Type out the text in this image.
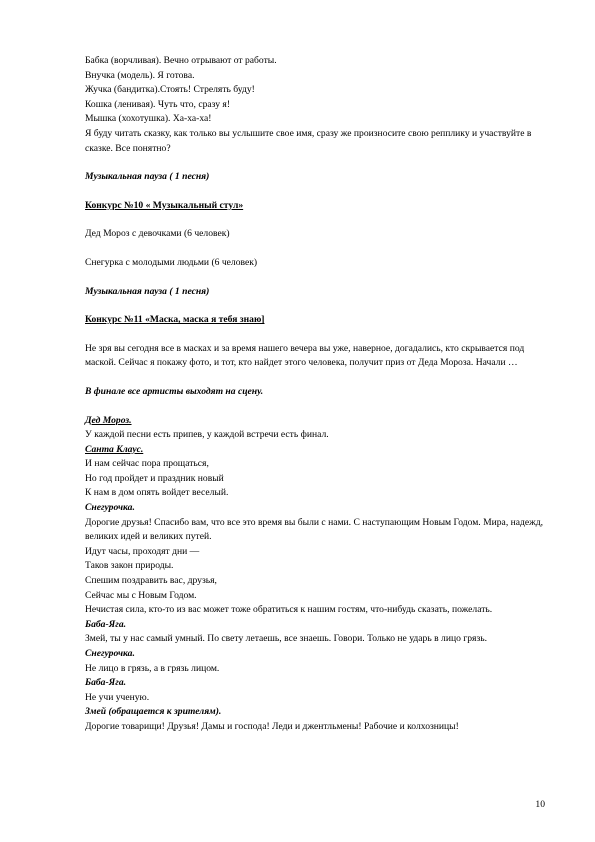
Бабка (ворчливая). Вечно отрывают от работы.

Внучка (модель). Я готова.

Жучка (бандитка).Стоять! Стрелять буду!

Кошка (ленивая). Чуть что, сразу я!

Мышка (хохотушка). Ха-ха-ха!

Я буду читать сказку, как только вы услышите свое имя, сразу же произносите свою репплику и участвуйте в сказке. Все понятно?

Музыкальная пауза ( 1 песня)

Конкурс №10 « Музыкальный стул»

Дед Мороз с девочками (6 человек)

Снегурка с молодыми людьми (6 человек)

Музыкальная пауза ( 1 песня)

Конкурс №11 «Маска, маска я тебя знаю]

Не зря вы сегодня все в масках и за время нашего вечера вы уже, наверное, догадались, кто скрывается под маской. Сейчас я покажу фото, и тот, кто найдет этого человека, получит приз от Деда Мороза. Начали …

В финале все артисты выходят на сцену.

Дед Мороз.

У каждой песни есть припев, у каждой встречи есть финал.

Санта Клаус.

И нам сейчас пора прощаться,

Но год пройдет и праздник новый

К нам в дом опять войдет веселый.

Снегурочка.

Дорогие друзья! Спасибо вам, что все это время вы были с нами. С наступающим Новым Годом. Мира, надежд, великих идей и великих путей.

Идут часы, проходят дни —

Таков закон природы.

Спешим поздравить вас, друзья,

Сейчас мы с Новым Годом.

Нечистая сила, кто-то из вас может тоже обратиться к нашим гостям, что-нибудь сказать, пожелать.

Баба-Яга.

Змей, ты у нас самый умный. По свету летаешь, все знаешь. Говори. Только не ударь в лицо грязь.

Снегурочка.

Не лицо в грязь, а в грязь лицом.

Баба-Яга.

Не учи ученую.

Змей (обращается к зрителям).

Дорогие товарищи! Друзья! Дамы и господа! Леди и джентльмены! Рабочие и колхозницы!

10
